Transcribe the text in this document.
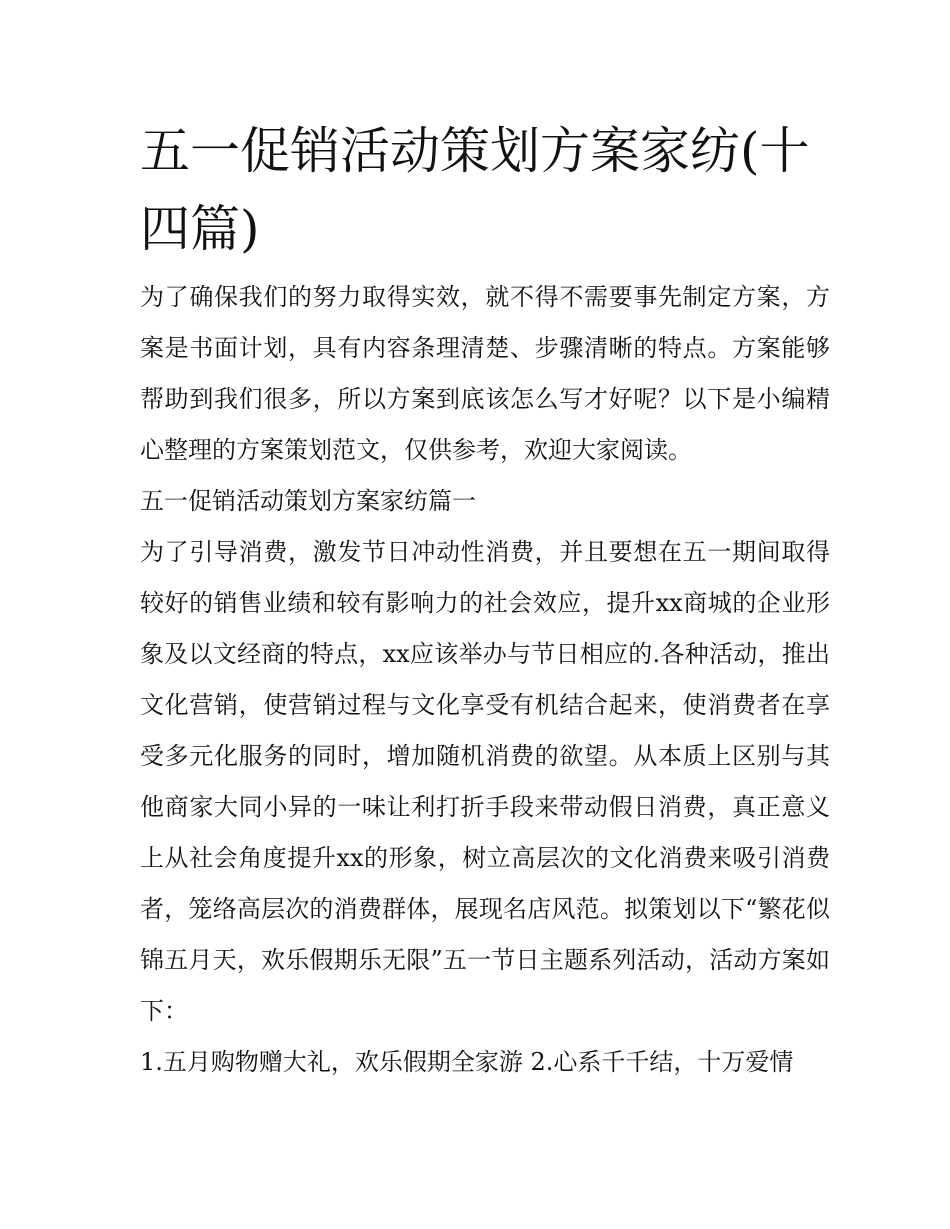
五一促销活动策划方案家纺(十四篇)

为了确保我们的努力取得实效，就不得不需要事先制定方案，方案是书面计划，具有内容条理清楚、步骤清晰的特点。方案能够帮助到我们很多，所以方案到底该怎么写才好呢？以下是小编精心整理的方案策划范文，仅供参考，欢迎大家阅读。

五一促销活动策划方案家纺篇一

为了引导消费，激发节日冲动性消费，并且要想在五一期间取得较好的销售业绩和较有影响力的社会效应，提升xx商城的企业形象及以文经商的特点，xx应该举办与节日相应的.各种活动，推出文化营销，使营销过程与文化享受有机结合起来，使消费者在享受多元化服务的同时，增加随机消费的欲望。从本质上区别与其他商家大同小异的一味让利打折手段来带动假日消费，真正意义上从社会角度提升xx的形象，树立高层次的文化消费来吸引消费者，笼络高层次的消费群体，展现名店风范。拟策划以下“繁花似锦五月天，欢乐假期乐无限”五一节日主题系列活动，活动方案如下：

1.五月购物赠大礼，欢乐假期全家游 2.心系千千结，十万爱情
